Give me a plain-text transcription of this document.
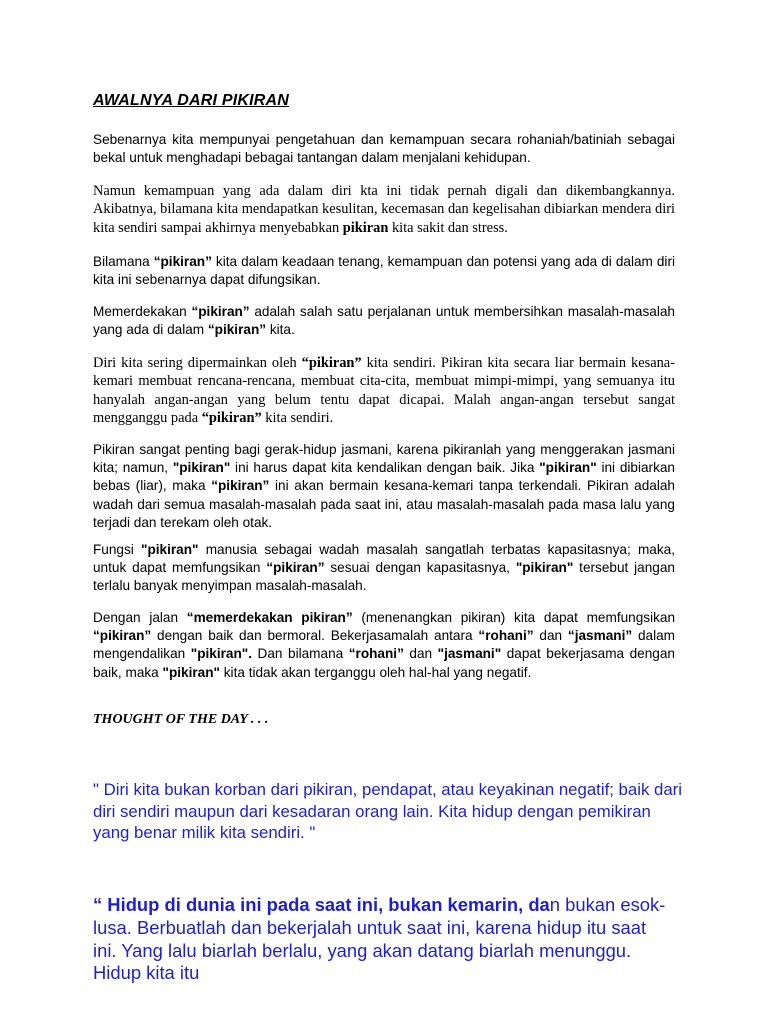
AWALNYA DARI PIKIRAN

Sebenarnya kita mempunyai pengetahuan dan kemampuan secara rohaniah/batiniah sebagai bekal untuk menghadapi bebagai tantangan dalam menjalani kehidupan.

Namun kemampuan yang ada dalam diri kta ini tidak pernah digali dan dikembangkannya. Akibatnya, bilamana kita mendapatkan kesulitan, kecemasan dan kegelisahan dibiarkan mendera diri kita sendiri sampai akhirnya menyebabkan pikiran kita sakit dan stress.

Bilamana “pikiran” kita dalam keadaan tenang, kemampuan dan potensi yang ada di dalam diri kita ini sebenarnya dapat difungsikan.

Memerdekakan “pikiran” adalah salah satu perjalanan untuk membersihkan masalah-masalah yang ada di dalam “pikiran” kita.

Diri kita sering dipermainkan oleh “pikiran” kita sendiri. Pikiran kita secara liar bermain kesana-kemari membuat rencana-rencana, membuat cita-cita, membuat mimpi-mimpi, yang semuanya itu hanyalah angan-angan yang belum tentu dapat dicapai. Malah angan-angan tersebut sangat mengganggu pada “pikiran” kita sendiri.

Pikiran sangat penting bagi gerak-hidup jasmani, karena pikiranlah yang menggerakan jasmani kita; namun, "pikiran" ini harus dapat kita kendalikan dengan baik. Jika "pikiran" ini dibiarkan bebas (liar), maka “pikiran” ini akan bermain kesana-kemari tanpa terkendali. Pikiran adalah wadah dari semua masalah-masalah pada saat ini, atau masalah-masalah pada masa lalu yang terjadi dan terekam oleh otak.

Fungsi "pikiran" manusia sebagai wadah masalah sangatlah terbatas kapasitasnya; maka, untuk dapat memfungsikan “pikiran” sesuai dengan kapasitasnya, "pikiran" tersebut jangan terlalu banyak menyimpan masalah-masalah.

Dengan jalan “memerdekakan pikiran” (menenangkan pikiran) kita dapat memfungsikan “pikiran” dengan baik dan bermoral. Bekerjasamalah antara “rohani” dan “jasmani” dalam mengendalikan "pikiran". Dan bilamana “rohani” dan "jasmani" dapat bekerjasama dengan baik, maka "pikiran" kita tidak akan terganggu oleh hal-hal yang negatif.

THOUGHT OF THE DAY . . .

" Diri kita bukan korban dari pikiran, pendapat, atau keyakinan negatif; baik dari diri sendiri maupun dari kesadaran orang lain. Kita hidup dengan pemikiran yang benar milik kita sendiri. "

“ Hidup di dunia ini pada saat ini, bukan kemarin, dan bukan esok-lusa. Berbuatlah dan bekerjalah untuk saat ini, karena hidup itu saat ini. Yang lalu biarlah berlalu, yang akan datang biarlah menunggu. Hidup kita itu
